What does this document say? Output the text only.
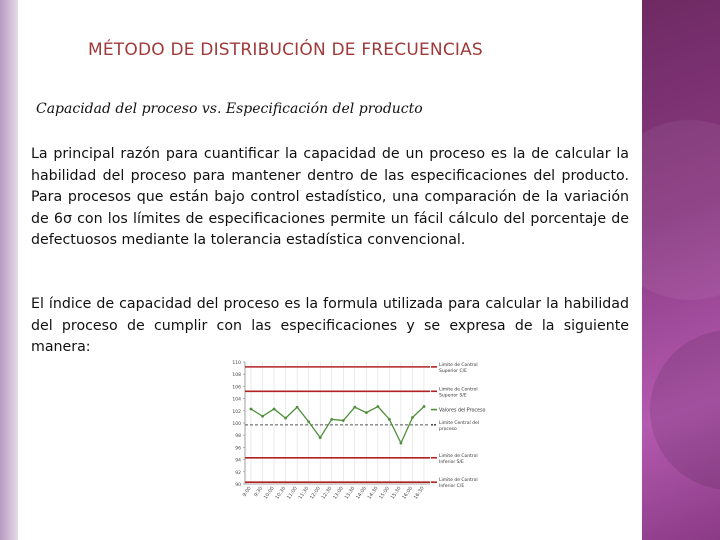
MÉTODO DE DISTRIBUCIÓN DE FRECUENCIAS
Capacidad del proceso vs. Especificación del producto

La principal razón para cuantificar la capacidad de un proceso es la de calcular la habilidad del proceso para mantener dentro de las especificaciones del producto. Para procesos que están bajo control estadístico, una comparación de la variación de 6σ con los límites de especificaciones permite un fácil cálculo del porcentaje de defectuosos mediante la tolerancia estadística convencional.

El índice de capacidad del proceso es la formula utilizada para calcular la habilidad del proceso de cumplir con las especificaciones y se expresa de la siguiente manera:

110
108
106
104
102
100
98
96
94
92
90
Limite de Control
Superior C/E
Limite de Control
Superior S/E
Limite Central del
proceso
Limite de Control
Inferior S/E
Limite de Control
Inferior C/E
Valores del Proceso
9:00 9:30 10:00 10:30 11:00 11:30 12:00 12:30 13:00 13:30 14:00 14:30 15:00 15:30 16:00 16:30
